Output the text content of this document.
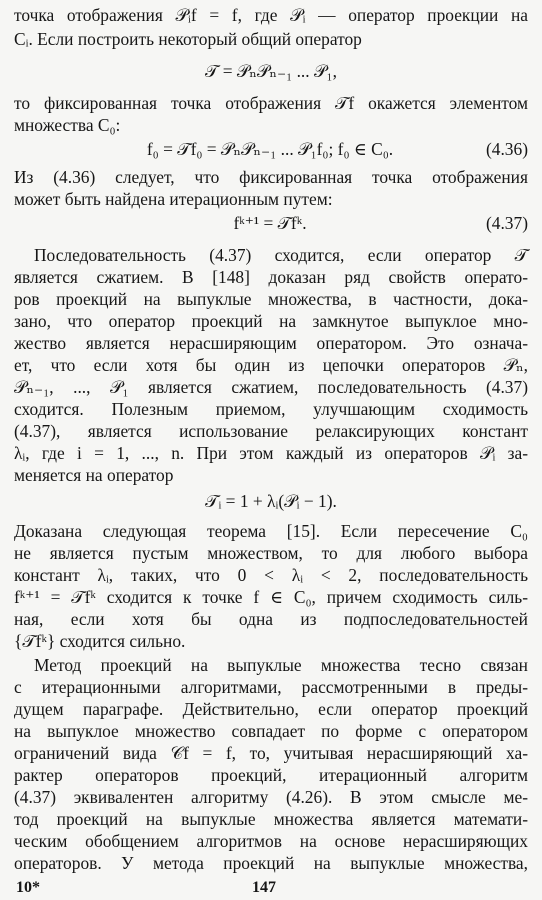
точка отображения 𝒫ᵢf = f, где 𝒫ᵢ — оператор проекции на
Cᵢ. Если построить некоторый общий оператор
𝒯 = 𝒫ₙ𝒫ₙ₋₁ ... 𝒫₁,
то фиксированная точка отображения 𝒯f окажется элементом множества C₀:
f₀ = 𝒯f₀ = 𝒫ₙ𝒫ₙ₋₁ ... 𝒫₁f₀; f₀ ∈ C₀.	(4.36)
Из (4.36) следует, что фиксированная точка отображения
может быть найдена итерационным путем:
fᵏ⁺¹ = 𝒯fᵏ.	(4.37)
Последовательность (4.37) сходится, если оператор 𝒯
является сжатием. В [148] доказан ряд свойств операто-
ров проекций на выпуклые множества, в частности, дока-
зано, что оператор проекций на замкнутое выпуклое мно-
жество является нерасширяющим оператором. Это означа-
ет, что если хотя бы один из цепочки операторов 𝒫ₙ,
𝒫ₙ₋₁, ..., 𝒫₁ является сжатием, последовательность (4.37)
сходится. Полезным приемом, улучшающим сходимость
(4.37), является использование релаксирующих констант
λᵢ, где i = 1, ..., n. При этом каждый из операторов 𝒫ᵢ за-
меняется на оператор
𝒯ᵢ = 1 + λᵢ(𝒫ᵢ − 1).
Доказана следующая теорема [15]. Если пересечение C₀
не является пустым множеством, то для любого выбора
констант λᵢ, таких, что 0 < λᵢ < 2, последовательность
fᵏ⁺¹ = 𝒯fᵏ сходится к точке f ∈ C₀, причем сходимость силь-
ная, если хотя бы одна из подпоследовательностей
{𝒯fᵏ} сходится сильно.
Метод проекций на выпуклые множества тесно связан
с итерационными алгоритмами, рассмотренными в преды-
дущем параграфе. Действительно, если оператор проекций
на выпуклое множество совпадает по форме с оператором
ограничений вида 𝒞f = f, то, учитывая нерасширяющий ха-
рактер операторов проекций, итерационный алгоритм
(4.37) эквивалентен алгоритму (4.26). В этом смысле ме-
тод проекций на выпуклые множества является математи-
ческим обобщением алгоритмов на основе нерасширяющих
операторов. У метода проекций на выпуклые множества,
10*	147
